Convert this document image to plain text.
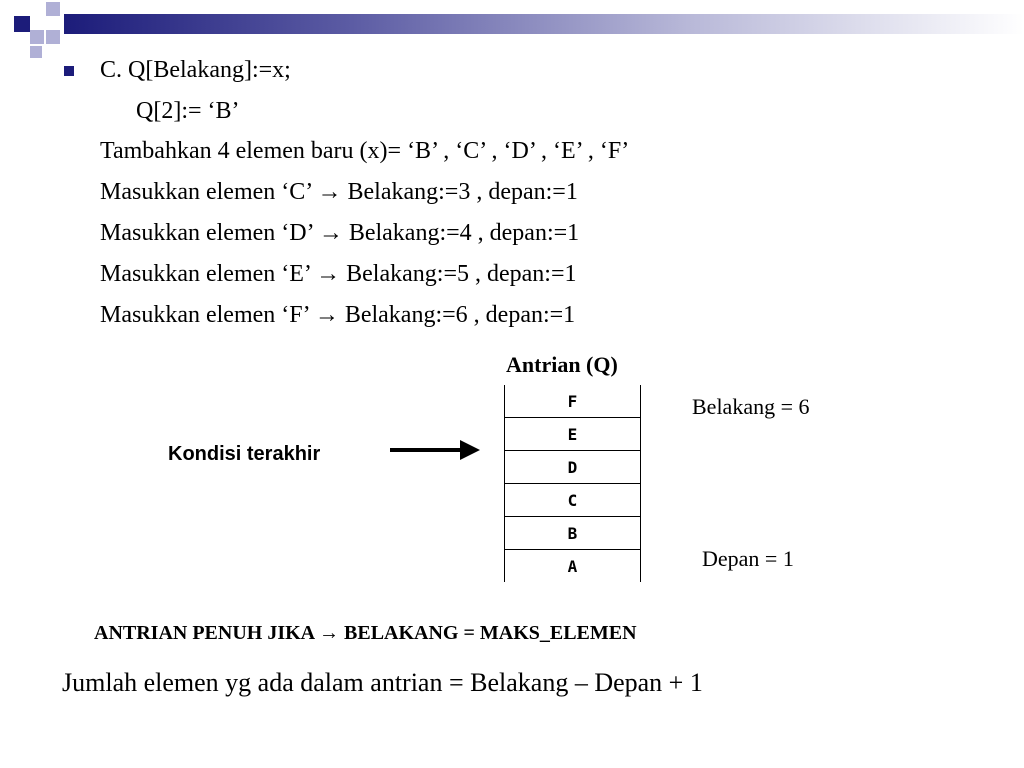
C. Q[Belakang]:=x;
Q[2]:= ‘B’
Tambahkan 4 elemen baru (x)= ‘B’ , ‘C’ , ‘D’ , ‘E’ , ‘F’
Masukkan elemen ‘C’ → Belakang:=3 , depan:=1
Masukkan elemen ‘D’ → Belakang:=4 , depan:=1
Masukkan elemen ‘E’ → Belakang:=5 , depan:=1
Masukkan elemen ‘F’ → Belakang:=6 , depan:=1
Antrian (Q)
F
E
D
C
B
A
Belakang = 6
Depan = 1
Kondisi terakhir
ANTRIAN PENUH JIKA → BELAKANG = MAKS_ELEMEN
Jumlah elemen yg ada dalam antrian = Belakang – Depan + 1
